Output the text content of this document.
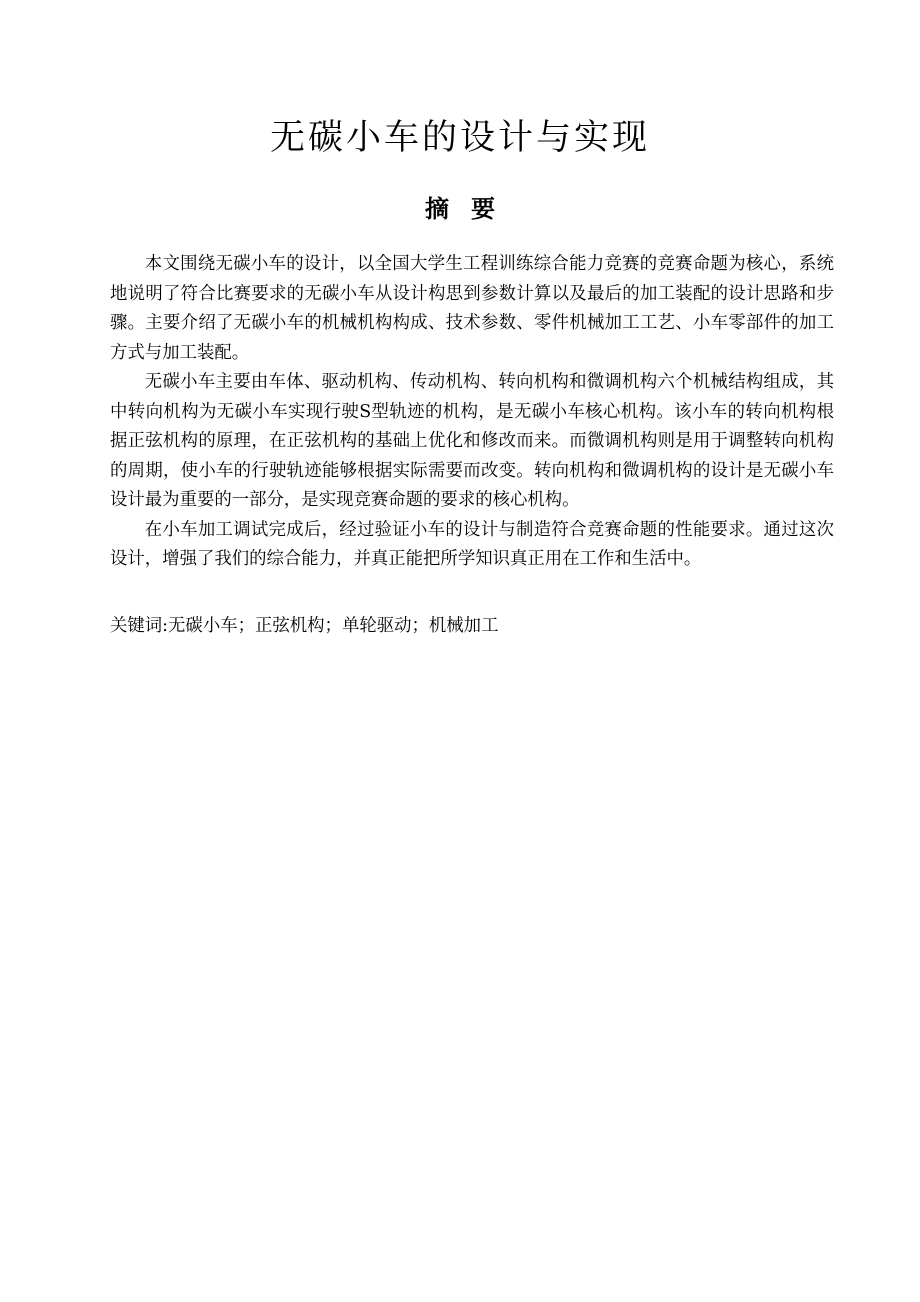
无碳小车的设计与实现
摘要

本文围绕无碳小车的设计，以全国大学生工程训练综合能力竞赛的竞赛命题为核心，系统地说明了符合比赛要求的无碳小车从设计构思到参数计算以及最后的加工装配的设计思路和步骤。主要介绍了无碳小车的机械机构构成、技术参数、零件机械加工工艺、小车零部件的加工方式与加工装配。

无碳小车主要由车体、驱动机构、传动机构、转向机构和微调机构六个机械结构组成，其中转向机构为无碳小车实现行驶S型轨迹的机构，是无碳小车核心机构。该小车的转向机构根据正弦机构的原理，在正弦机构的基础上优化和修改而来。而微调机构则是用于调整转向机构的周期，使小车的行驶轨迹能够根据实际需要而改变。转向机构和微调机构的设计是无碳小车设计最为重要的一部分，是实现竞赛命题的要求的核心机构。

在小车加工调试完成后，经过验证小车的设计与制造符合竞赛命题的性能要求。通过这次设计，增强了我们的综合能力，并真正能把所学知识真正用在工作和生活中。

关键词:无碳小车；正弦机构；单轮驱动；机械加工
